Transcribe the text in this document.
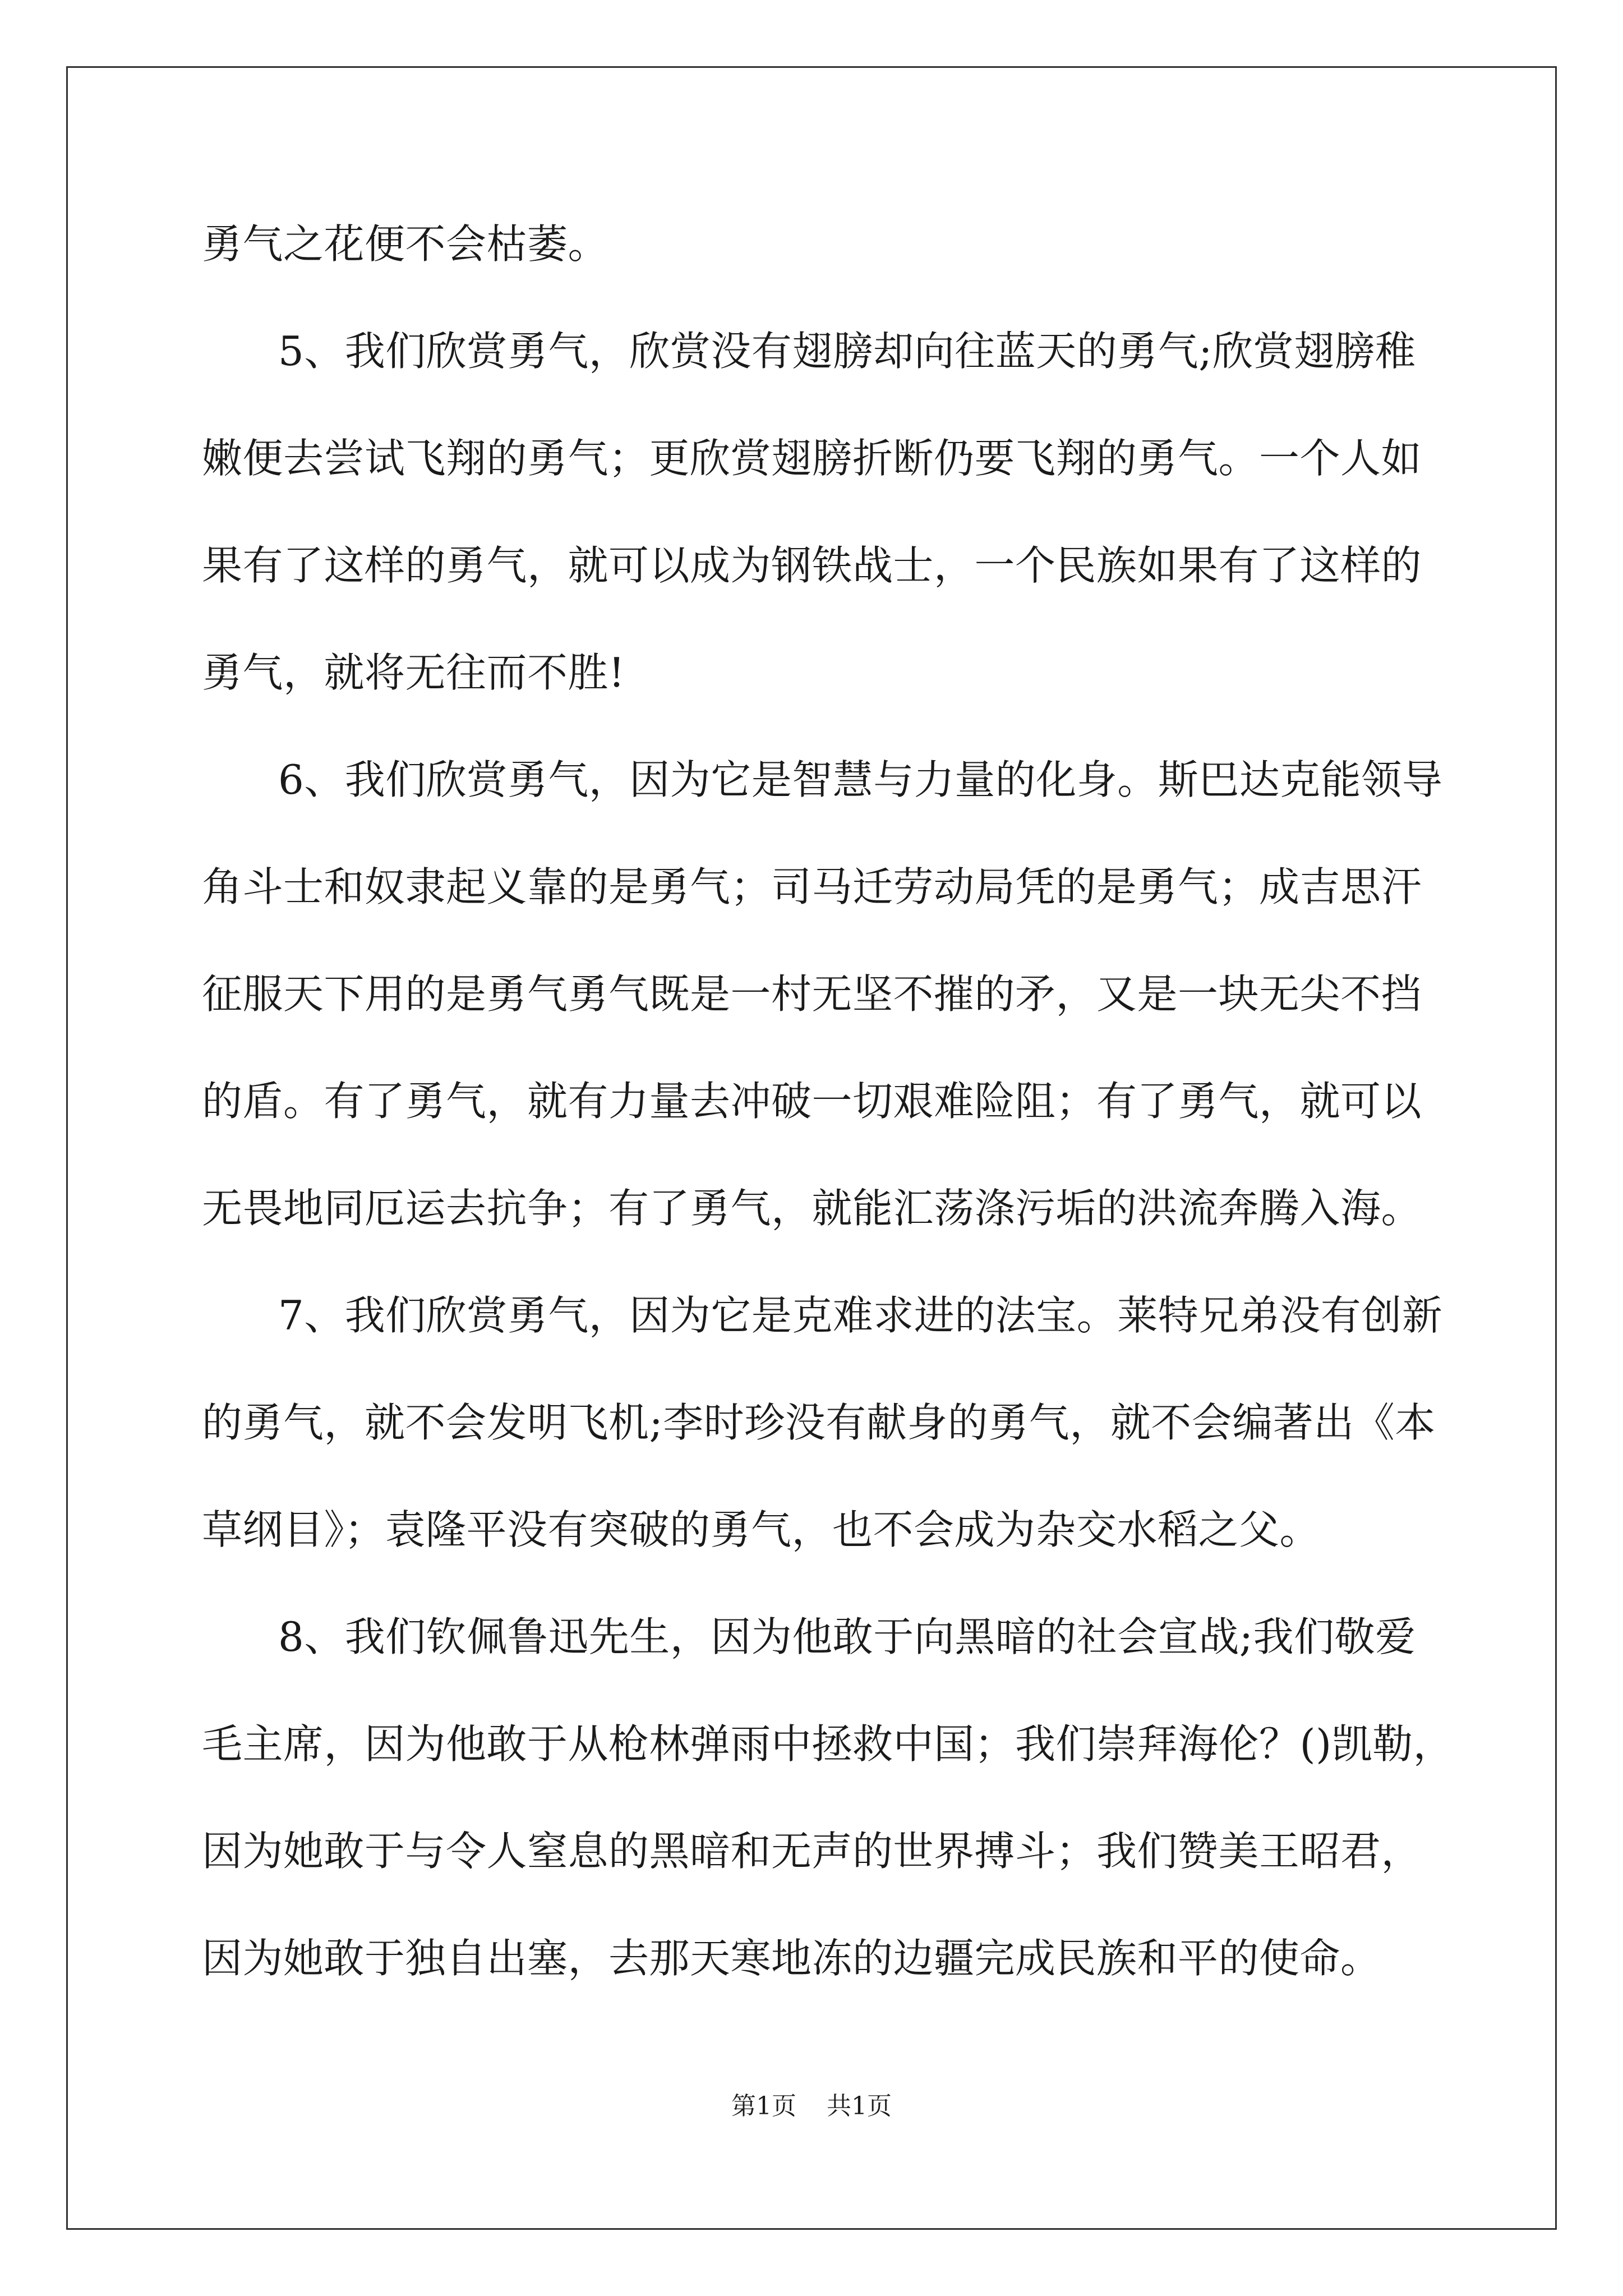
勇气之花便不会枯萎。
5、我们欣赏勇气，欣赏没有翅膀却向往蓝天的勇气;欣赏翅膀稚
嫩便去尝试飞翔的勇气；更欣赏翅膀折断仍要飞翔的勇气。一个人如
果有了这样的勇气，就可以成为钢铁战士，一个民族如果有了这样的
勇气，就将无往而不胜!
6、我们欣赏勇气，因为它是智慧与力量的化身。斯巴达克能领导
角斗士和奴隶起义靠的是勇气；司马迁劳动局凭的是勇气；成吉思汗
征服天下用的是勇气勇气既是一村无坚不摧的矛，又是一块无尖不挡
的盾。有了勇气，就有力量去冲破一切艰难险阻；有了勇气，就可以
无畏地同厄运去抗争；有了勇气，就能汇荡涤污垢的洪流奔腾入海。
7、我们欣赏勇气，因为它是克难求进的法宝。莱特兄弟没有创新
的勇气，就不会发明飞机;李时珍没有献身的勇气，就不会编著出《本
草纲目》；袁隆平没有突破的勇气，也不会成为杂交水稻之父。
8、我们钦佩鲁迅先生，因为他敢于向黑暗的社会宣战;我们敬爱
毛主席，因为他敢于从枪林弹雨中拯救中国；我们崇拜海伦？()凯勒，
因为她敢于与令人窒息的黑暗和无声的世界搏斗；我们赞美王昭君，
因为她敢于独自出塞，去那天寒地冻的边疆完成民族和平的使命。
第1页 共1页
